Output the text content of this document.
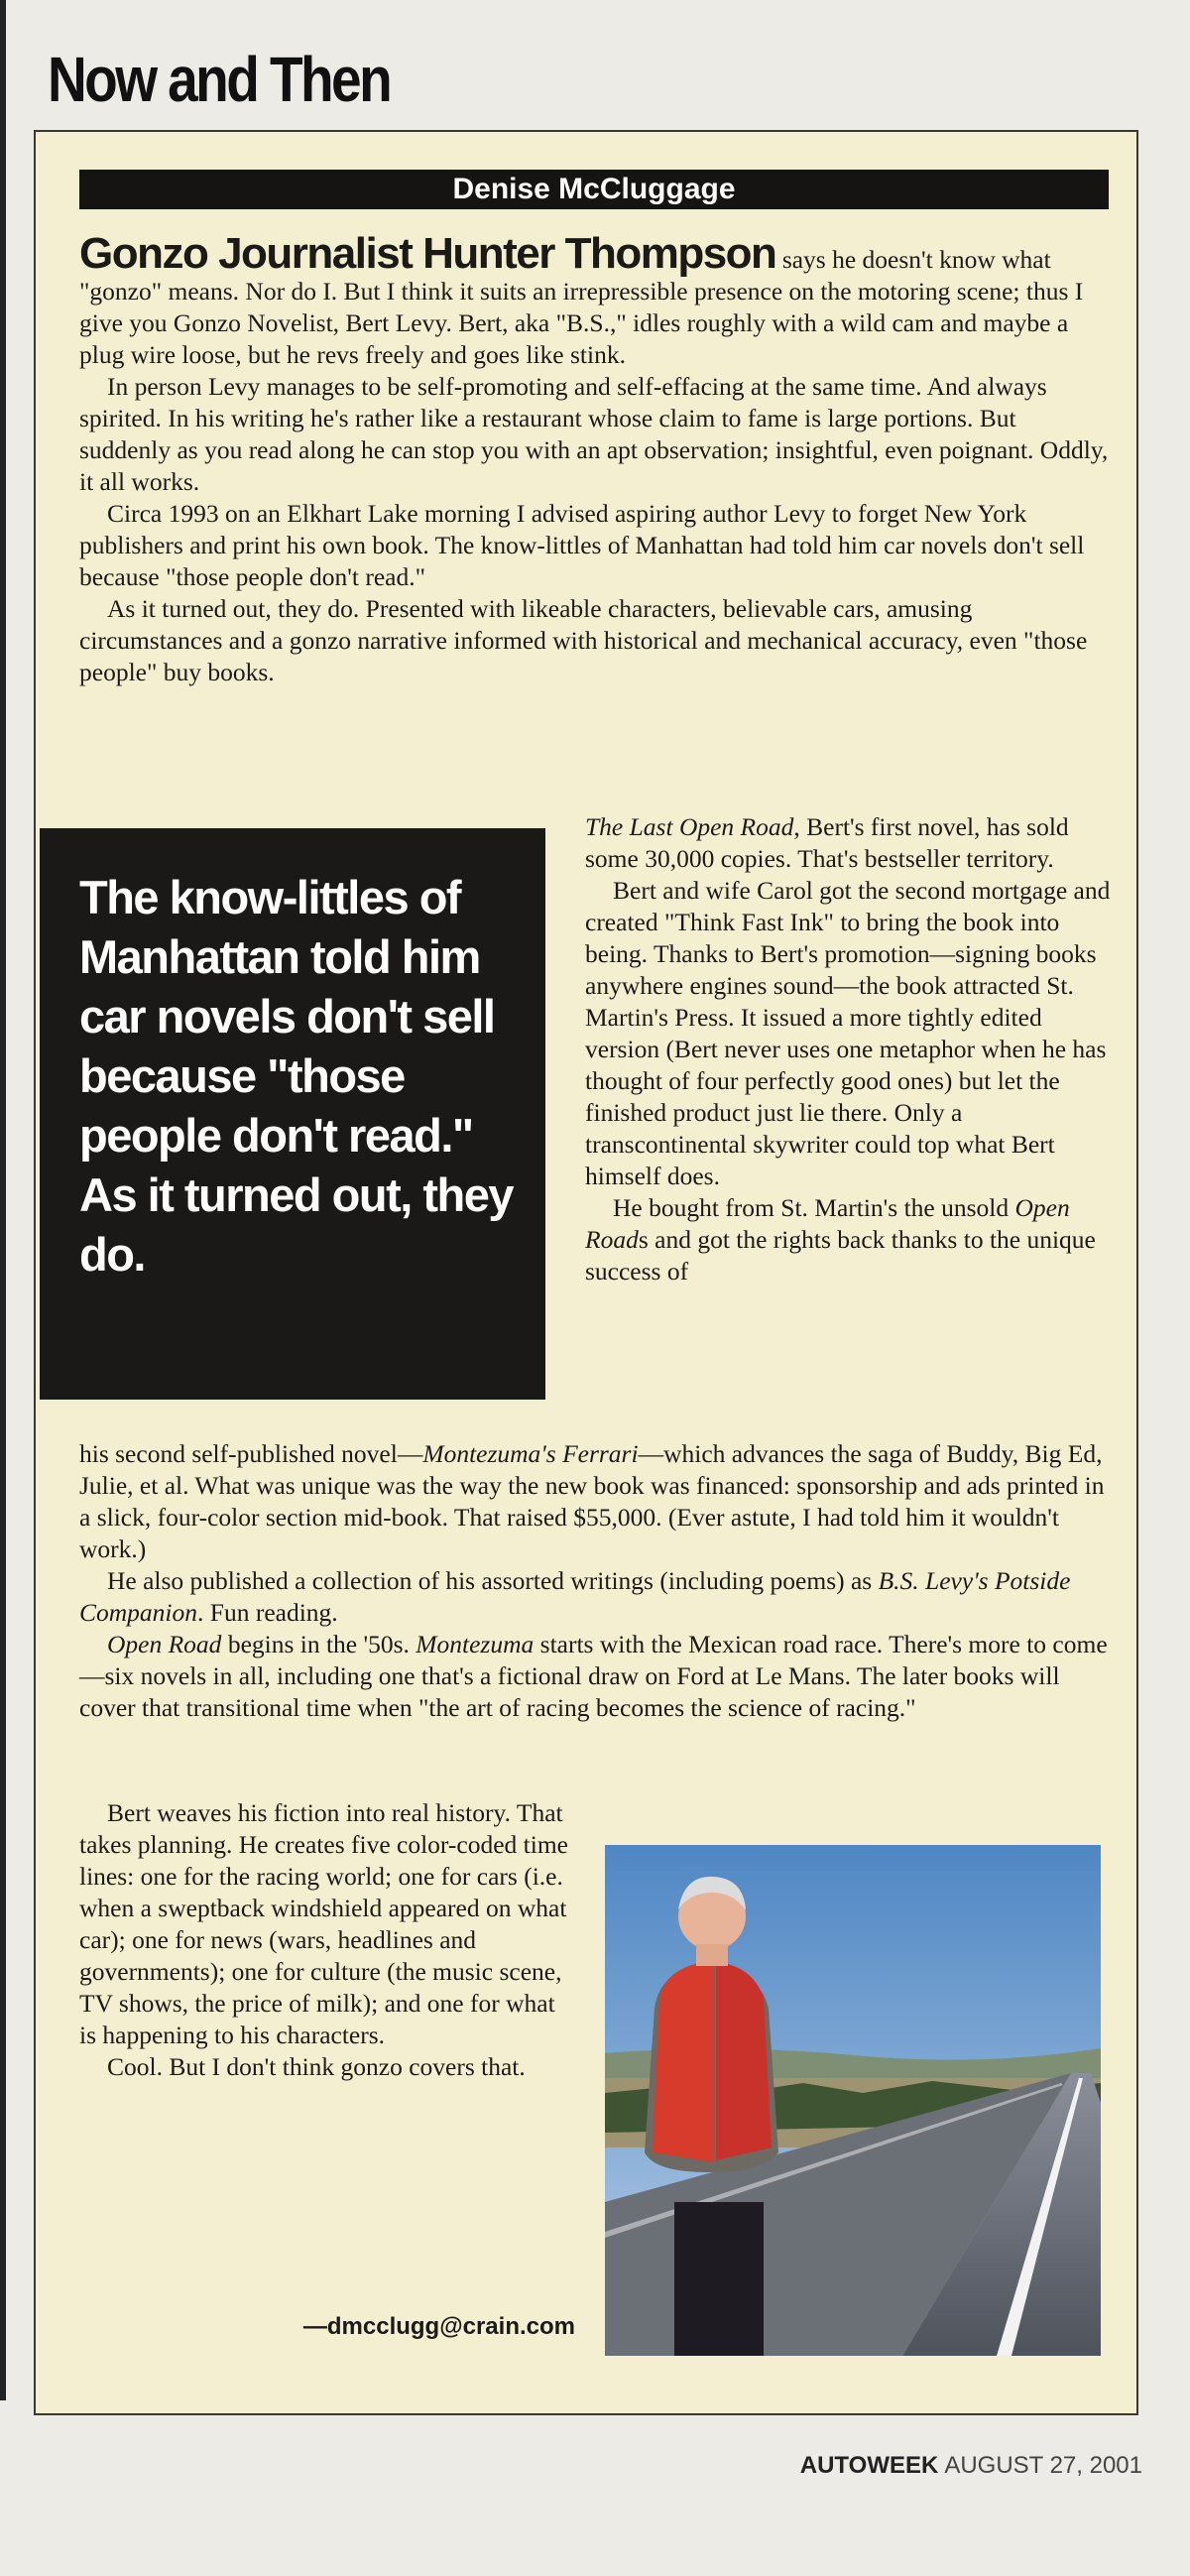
Now and Then
Denise McCluggage

Gonzo Journalist Hunter Thompson says he doesn't know what "gonzo" means. Nor do I. But I think it suits an irrepressible presence on the motoring scene; thus I give you Gonzo Novelist, Bert Levy. Bert, aka "B.S.," idles roughly with a wild cam and maybe a plug wire loose, but he revs freely and goes like stink.

In person Levy manages to be self-promoting and self-effacing at the same time. And always spirited. In his writing he's rather like a restaurant whose claim to fame is large portions. But suddenly as you read along he can stop you with an apt observation; insightful, even poignant. Oddly, it all works.

Circa 1993 on an Elkhart Lake morning I advised aspiring author Levy to forget New York publishers and print his own book. The know-littles of Manhattan had told him car novels don't sell because "those people don't read."

As it turned out, they do. Presented with likeable characters, believable cars, amusing circumstances and a gonzo narrative informed with historical and mechanical accuracy, even "those people" buy books.

The know-littles of Manhattan told him car novels don't sell because "those people don't read." As it turned out, they do.

The Last Open Road, Bert's first novel, has sold some 30,000 copies. That's bestseller territory.

Bert and wife Carol got the second mortgage and created "Think Fast Ink" to bring the book into being. Thanks to Bert's promotion—signing books anywhere engines sound—the book attracted St. Martin's Press. It issued a more tightly edited version (Bert never uses one metaphor when he has thought of four perfectly good ones) but let the finished product just lie there. Only a transcontinental skywriter could top what Bert himself does.

He bought from St. Martin's the unsold Open Roads and got the rights back thanks to the unique success of

his second self-published novel—Montezuma's Ferrari—which advances the saga of Buddy, Big Ed, Julie, et al. What was unique was the way the new book was financed: sponsorship and ads printed in a slick, four-color section mid-book. That raised $55,000. (Ever astute, I had told him it wouldn't work.)

He also published a collection of his assorted writings (including poems) as B.S. Levy's Potside Companion. Fun reading.

Open Road begins in the '50s. Montezuma starts with the Mexican road race. There's more to come—six novels in all, including one that's a fictional draw on Ford at Le Mans. The later books will cover that transitional time when "the art of racing becomes the science of racing."

Bert weaves his fiction into real history. That takes planning. He creates five color-coded time lines: one for the racing world; one for cars (i.e. when a sweptback windshield appeared on what car); one for news (wars, headlines and governments); one for culture (the music scene, TV shows, the price of milk); and one for what is happening to his characters.

Cool. But I don't think gonzo covers that.

—dmcclugg@crain.com
AUTOWEEK AUGUST 27, 2001
